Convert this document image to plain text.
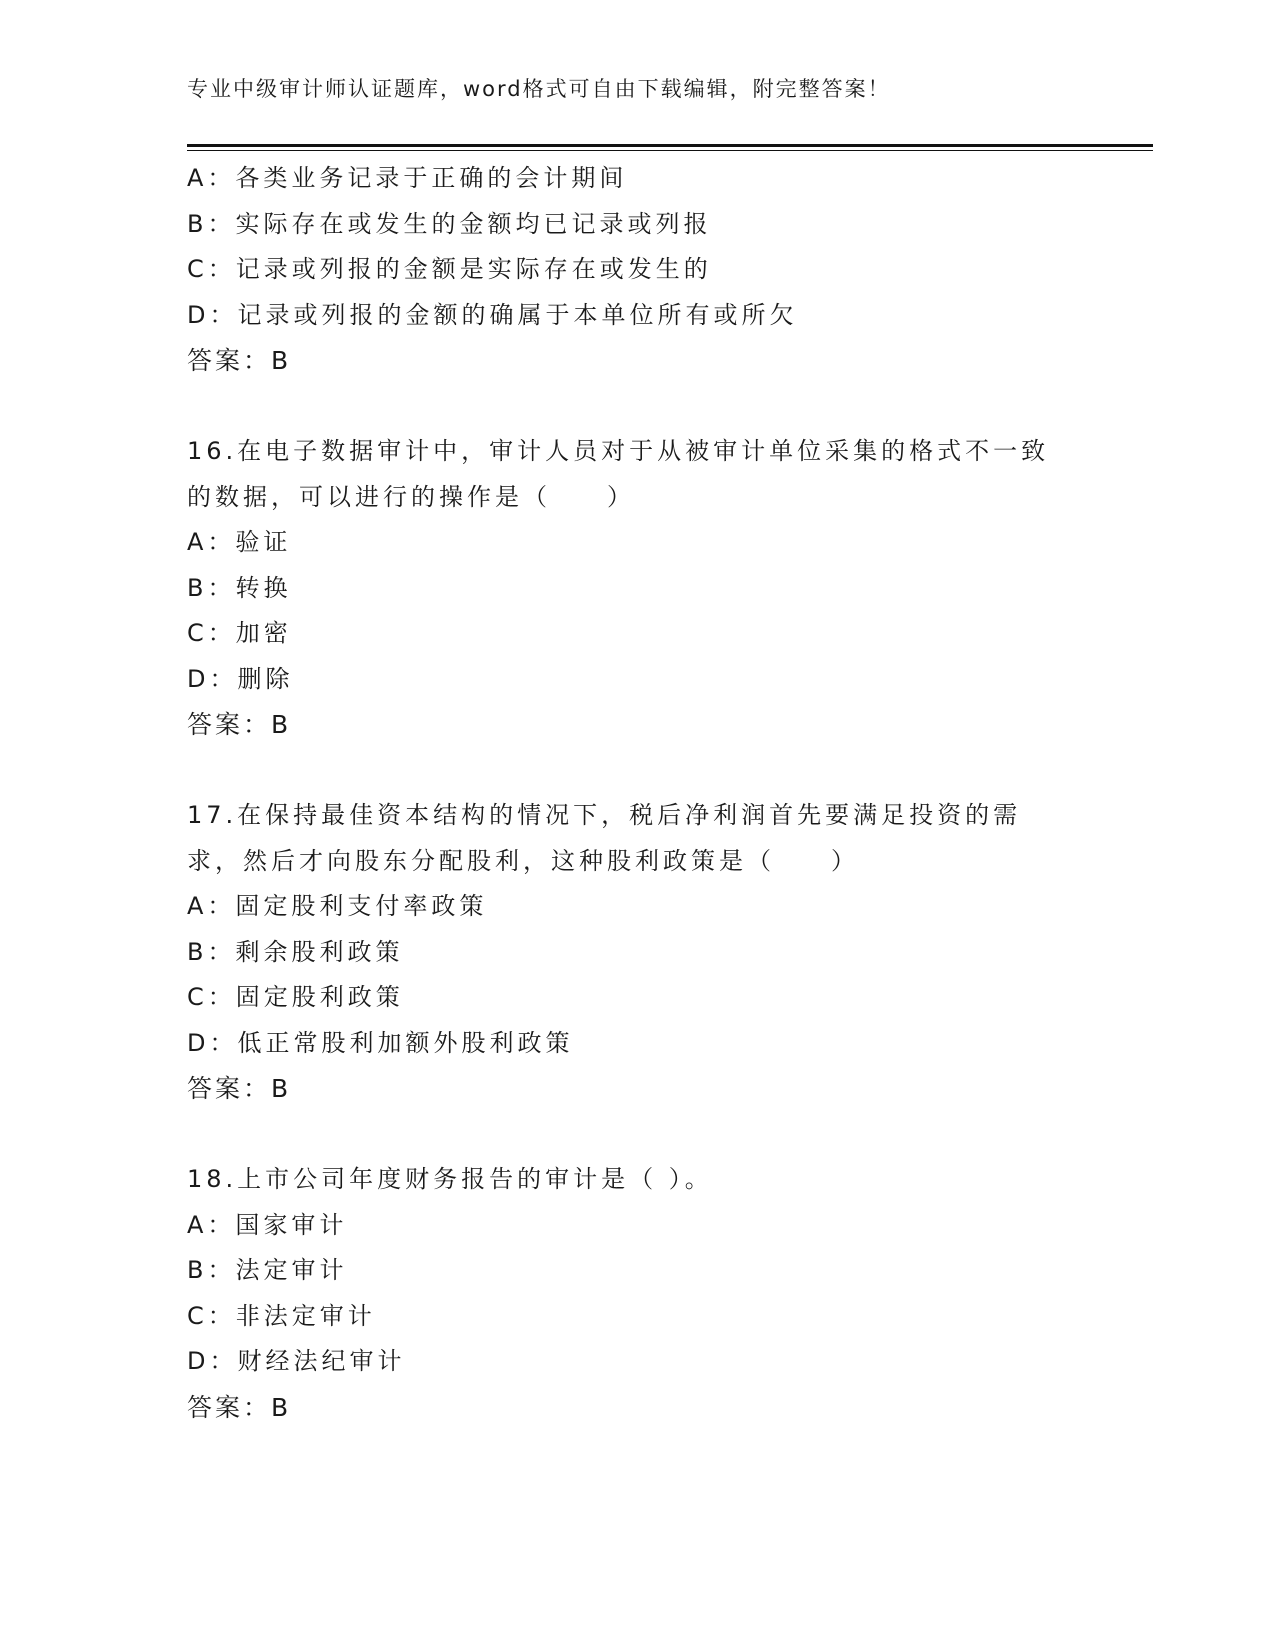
专业中级审计师认证题库，word格式可自由下载编辑，附完整答案！
A：各类业务记录于正确的会计期间
B：实际存在或发生的金额均已记录或列报
C：记录或列报的金额是实际存在或发生的
D：记录或列报的金额的确属于本单位所有或所欠
答案：B
16.在电子数据审计中，审计人员对于从被审计单位采集的格式不一致的数据，可以进行的操作是（　　）
A：验证
B：转换
C：加密
D：删除
答案：B
17.在保持最佳资本结构的情况下，税后净利润首先要满足投资的需求，然后才向股东分配股利，这种股利政策是（　　）
A：固定股利支付率政策
B：剩余股利政策
C：固定股利政策
D：低正常股利加额外股利政策
答案：B
18.上市公司年度财务报告的审计是（ ）。
A：国家审计
B：法定审计
C：非法定审计
D：财经法纪审计
答案：B
